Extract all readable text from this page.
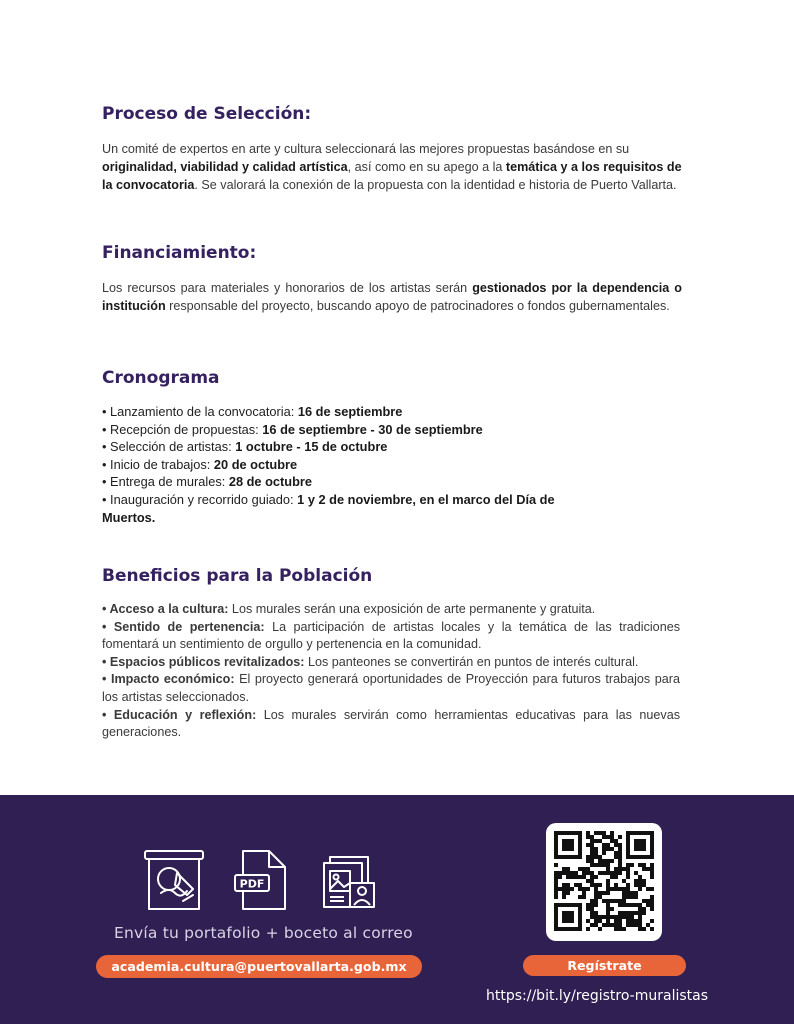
Proceso de Selección:

Un comité de expertos en arte y cultura seleccionará las mejores propuestas basándose en su originalidad, viabilidad y calidad artística, así como en su apego a la temática y a los requisitos de la convocatoria. Se valorará la conexión de la propuesta con la identidad e historia de Puerto Vallarta.

Financiamiento:

Los recursos para materiales y honorarios de los artistas serán gestionados por la dependencia o institución responsable del proyecto, buscando apoyo de patrocinadores o fondos gubernamentales.

Cronograma
• Lanzamiento de la convocatoria: 16 de septiembre
• Recepción de propuestas: 16 de septiembre - 30 de septiembre
• Selección de artistas: 1 octubre - 15 de octubre
• Inicio de trabajos: 20 de octubre
• Entrega de murales: 28 de octubre
• Inauguración y recorrido guiado: 1 y 2 de noviembre, en el marco del Día de Muertos.
Beneficios para la Población
• Acceso a la cultura: Los murales serán una exposición de arte permanente y gratuita.
• Sentido de pertenencia: La participación de artistas locales y la temática de las tradiciones fomentará un sentimiento de orgullo y pertenencia en la comunidad.
• Espacios públicos revitalizados: Los panteones se convertirán en puntos de interés cultural.
• Impacto económico: El proyecto generará oportunidades de Proyección para futuros trabajos para los artistas seleccionados.
• Educación y reflexión: Los murales servirán como herramientas educativas para las nuevas generaciones.
PDF
Envía tu portafolio + boceto al correo
academia.cultura@puertovallarta.gob.mx	Regístrate
https://bit.ly/registro-muralistas
